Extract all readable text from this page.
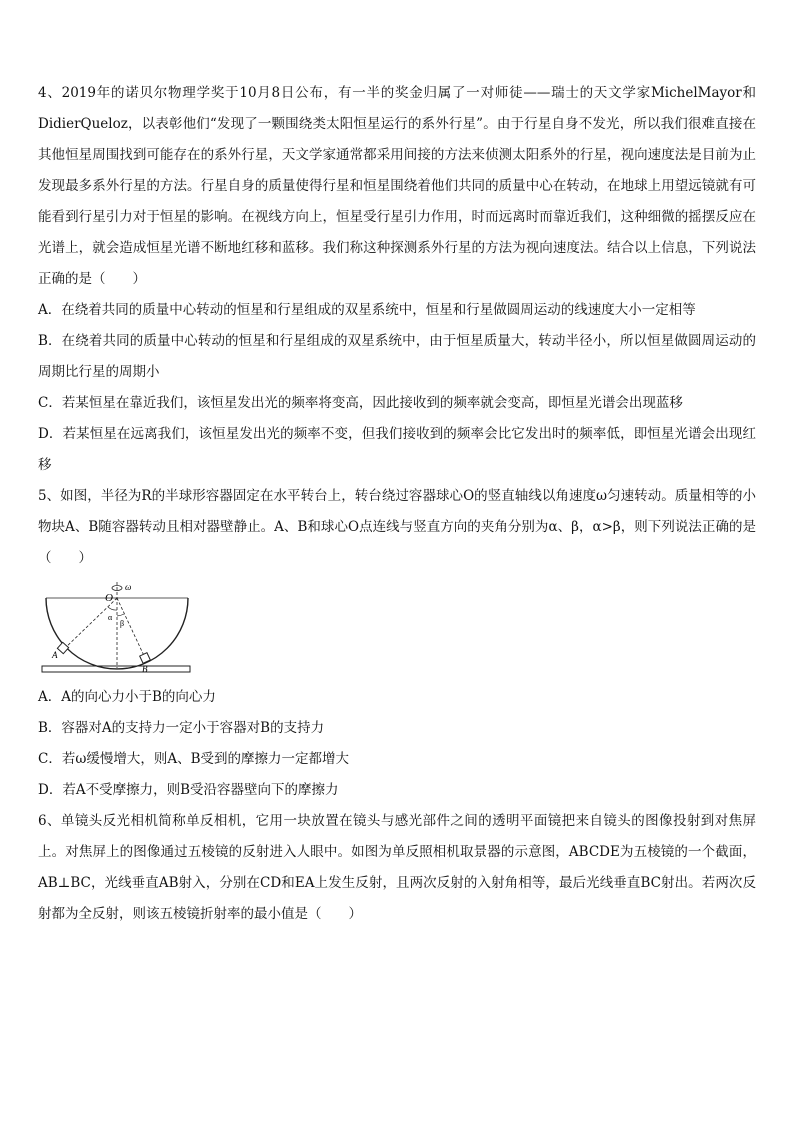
4、2019年的诺贝尔物理学奖于10月8日公布，有一半的奖金归属了一对师徒——瑞士的天文学家MichelMayor和DidierQueloz，以表彰他们“发现了一颗围绕类太阳恒星运行的系外行星”。由于行星自身不发光，所以我们很难直接在其他恒星周围找到可能存在的系外行星，天文学家通常都采用间接的方法来侦测太阳系外的行星，视向速度法是目前为止发现最多系外行星的方法。行星自身的质量使得行星和恒星围绕着他们共同的质量中心在转动，在地球上用望远镜就有可能看到行星引力对于恒星的影响。在视线方向上，恒星受行星引力作用，时而远离时而靠近我们，这种细微的摇摆反应在光谱上，就会造成恒星光谱不断地红移和蓝移。我们称这种探测系外行星的方法为视向速度法。结合以上信息，下列说法正确的是（　　）

A．在绕着共同的质量中心转动的恒星和行星组成的双星系统中，恒星和行星做圆周运动的线速度大小一定相等

B．在绕着共同的质量中心转动的恒星和行星组成的双星系统中，由于恒星质量大，转动半径小，所以恒星做圆周运动的周期比行星的周期小

C．若某恒星在靠近我们，该恒星发出光的频率将变高，因此接收到的频率就会变高，即恒星光谱会出现蓝移

D．若某恒星在远离我们，该恒星发出光的频率不变，但我们接收到的频率会比它发出时的频率低，即恒星光谱会出现红移

5、如图，半径为R的半球形容器固定在水平转台上，转台绕过容器球心O的竖直轴线以角速度ω匀速转动。质量相等的小物块A、B随容器转动且相对器壁静止。A、B和球心O点连线与竖直方向的夹角分别为α、β，α>β，则下列说法正确的是（　　）

O
ω
α
β
A
B

A．A的向心力小于B的向心力

B．容器对A的支持力一定小于容器对B的支持力

C．若ω缓慢增大，则A、B受到的摩擦力一定都增大

D．若A不受摩擦力，则B受沿容器壁向下的摩擦力

6、单镜头反光相机简称单反相机，它用一块放置在镜头与感光部件之间的透明平面镜把来自镜头的图像投射到对焦屏上。对焦屏上的图像通过五棱镜的反射进入人眼中。如图为单反照相机取景器的示意图，ABCDE为五棱镜的一个截面，AB⊥BC，光线垂直AB射入，分别在CD和EA上发生反射，且两次反射的入射角相等，最后光线垂直BC射出。若两次反射都为全反射，则该五棱镜折射率的最小值是（　　）
